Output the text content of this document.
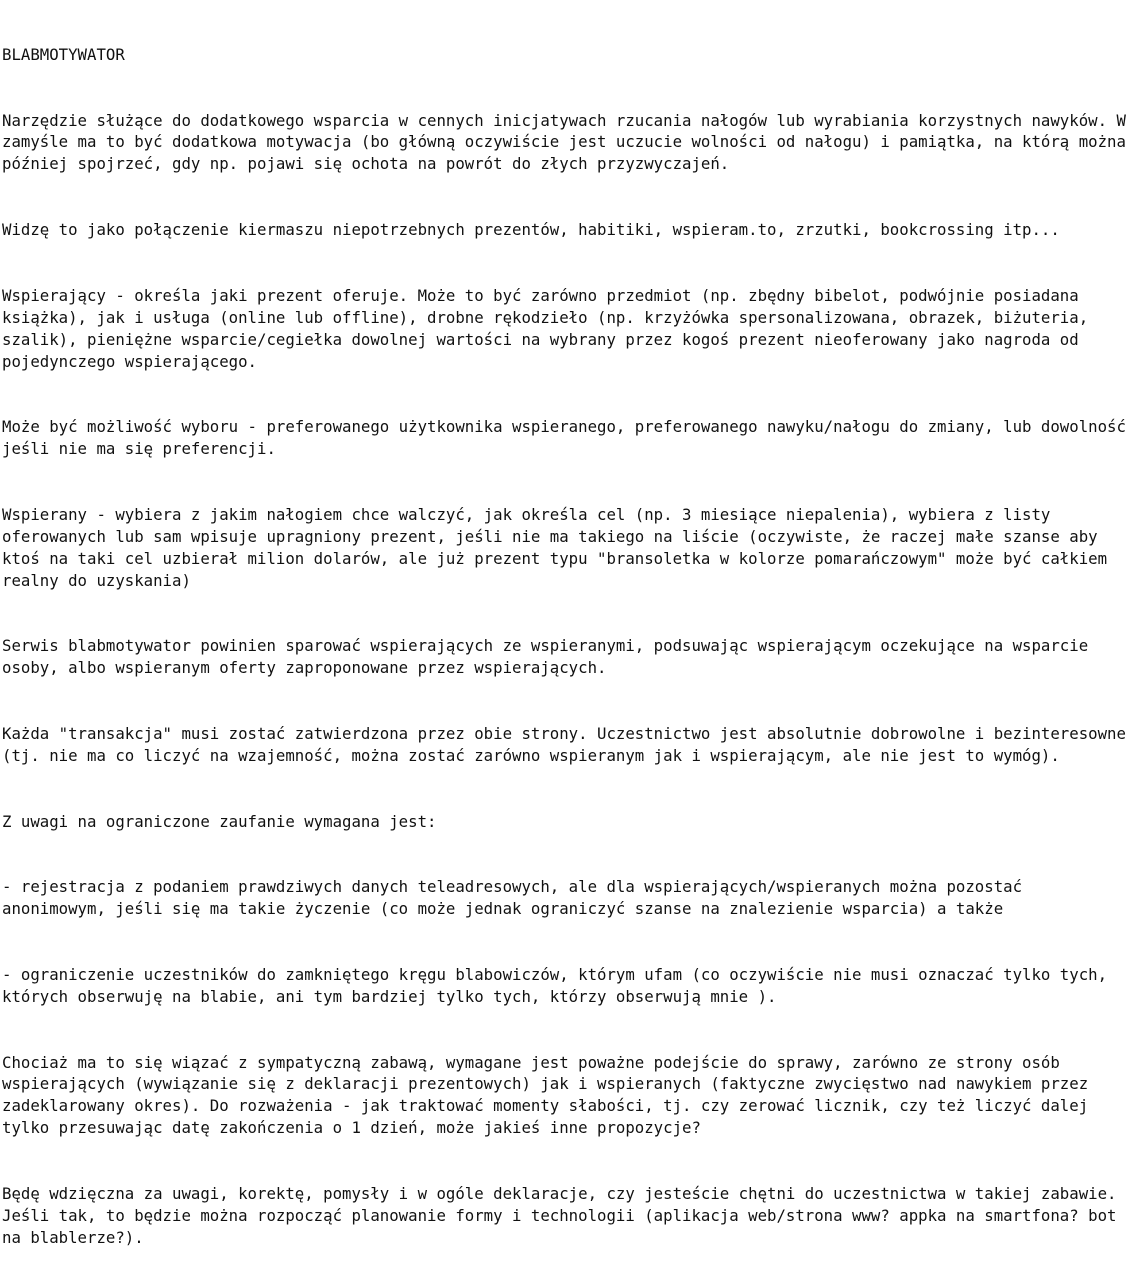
BLABMOTYWATOR

Narzędzie służące do dodatkowego wsparcia w cennych inicjatywach rzucania nałogów lub wyrabiania korzystnych nawyków. W zamyśle ma to być dodatkowa motywacja (bo główną oczywiście jest uczucie wolności od nałogu) i pamiątka, na którą można później spojrzeć, gdy np. pojawi się ochota na powrót do złych przyzwyczajeń.

Widzę to jako połączenie kiermaszu niepotrzebnych prezentów, habitiki, wspieram.to, zrzutki, bookcrossing itp...

Wspierający - określa jaki prezent oferuje. Może to być zarówno przedmiot (np. zbędny bibelot, podwójnie posiadana książka), jak i usługa (online lub offline), drobne rękodzieło (np. krzyżówka spersonalizowana, obrazek, biżuteria, szalik), pieniężne wsparcie/cegiełka dowolnej wartości na wybrany przez kogoś prezent nieoferowany jako nagroda od pojedynczego wspierającego.

Może być możliwość wyboru - preferowanego użytkownika wspieranego, preferowanego nawyku/nałogu do zmiany, lub dowolność jeśli nie ma się preferencji.

Wspierany - wybiera z jakim nałogiem chce walczyć, jak określa cel (np. 3 miesiące niepalenia), wybiera z listy oferowanych lub sam wpisuje upragniony prezent, jeśli nie ma takiego na liście (oczywiste, że raczej małe szanse aby ktoś na taki cel uzbierał milion dolarów, ale już prezent typu "bransoletka w kolorze pomarańczowym" może być całkiem realny do uzyskania)

Serwis blabmotywator powinien sparować wspierających ze wspieranymi, podsuwając wspierającym oczekujące na wsparcie osoby, albo wspieranym oferty zaproponowane przez wspierających.

Każda "transakcja" musi zostać zatwierdzona przez obie strony. Uczestnictwo jest absolutnie dobrowolne i bezinteresowne (tj. nie ma co liczyć na wzajemność, można zostać zarówno wspieranym jak i wspierającym, ale nie jest to wymóg).

Z uwagi na ograniczone zaufanie wymagana jest:

- rejestracja z podaniem prawdziwych danych teleadresowych, ale dla wspierających/wspieranych można pozostać anonimowym, jeśli się ma takie życzenie (co może jednak ograniczyć szanse na znalezienie wsparcia) a także

- ograniczenie uczestników do zamkniętego kręgu blabowiczów, którym ufam (co oczywiście nie musi oznaczać tylko tych, których obserwuję na blabie, ani tym bardziej tylko tych, którzy obserwują mnie ).

Chociaż ma to się wiązać z sympatyczną zabawą, wymagane jest poważne podejście do sprawy, zarówno ze strony osób wspierających (wywiązanie się z deklaracji prezentowych) jak i wspieranych (faktyczne zwycięstwo nad nawykiem przez zadeklarowany okres). Do rozważenia - jak traktować momenty słabości, tj. czy zerować licznik, czy też liczyć dalej tylko przesuwając datę zakończenia o 1 dzień, może jakieś inne propozycje?

Będę wdzięczna za uwagi, korektę, pomysły i w ogóle deklaracje, czy jesteście chętni do uczestnictwa w takiej zabawie. Jeśli tak, to będzie można rozpocząć planowanie formy i technologii (aplikacja web/strona www? appka na smartfona? bot na blablerze?).
